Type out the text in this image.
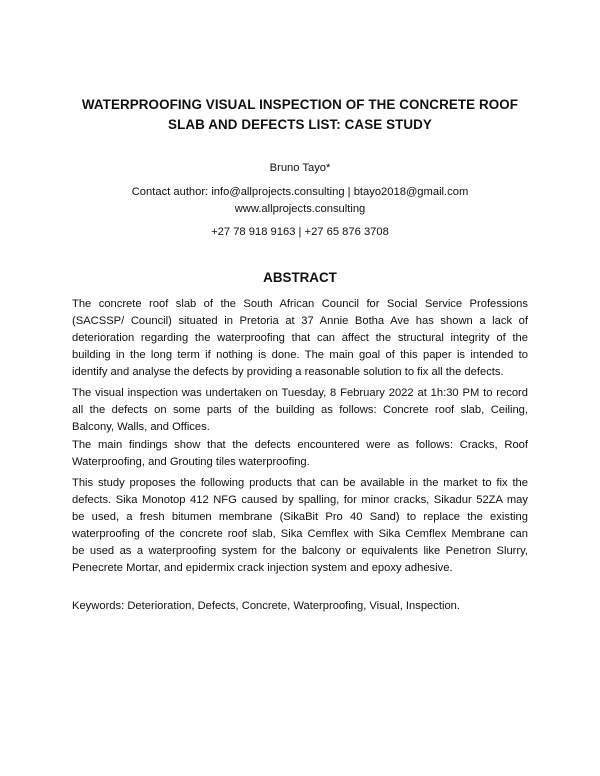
WATERPROOFING VISUAL INSPECTION OF THE CONCRETE ROOF
SLAB AND DEFECTS LIST: CASE STUDY
Bruno Tayo*
Contact author: info@allprojects.consulting | btayo2018@gmail.com
www.allprojects.consulting
+27 78 918 9163 | +27 65 876 3708
ABSTRACT
The concrete roof slab of the South African Council for Social Service Professions
(SACSSP/ Council) situated in Pretoria at 37 Annie Botha Ave has shown a lack of
deterioration regarding the waterproofing that can affect the structural integrity of the
building in the long term if nothing is done. The main goal of this paper is intended to
identify and analyse the defects by providing a reasonable solution to fix all the defects.
The visual inspection was undertaken on Tuesday, 8 February 2022 at 1h:30 PM to record
all the defects on some parts of the building as follows: Concrete roof slab, Ceiling,
Balcony, Walls, and Offices.
The main findings show that the defects encountered were as follows: Cracks, Roof
Waterproofing, and Grouting tiles waterproofing.
This study proposes the following products that can be available in the market to fix the
defects. Sika Monotop 412 NFG caused by spalling, for minor cracks, Sikadur 52ZA may
be used, a fresh bitumen membrane (SikaBit Pro 40 Sand) to replace the existing
waterproofing of the concrete roof slab, Sika Cemflex with Sika Cemflex Membrane can
be used as a waterproofing system for the balcony or equivalents like Penetron Slurry,
Penecrete Mortar, and epidermix crack injection system and epoxy adhesive.
Keywords: Deterioration, Defects, Concrete, Waterproofing, Visual, Inspection.
